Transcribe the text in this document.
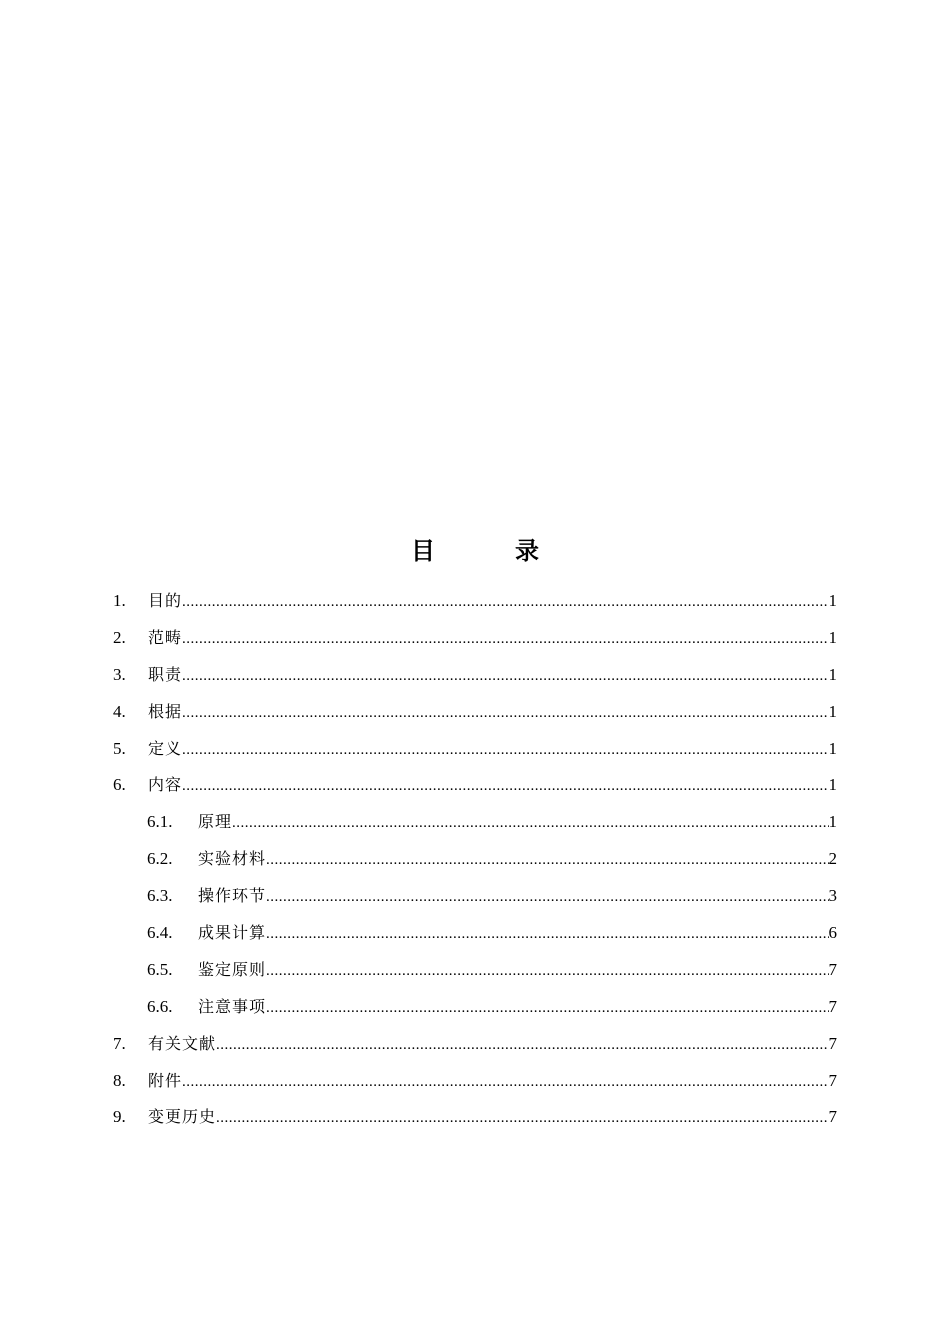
目　录
1.	目的 .....	1
2.	范畴 .....	1
3.	职责 .....	1
4.	根据 .....	1
5.	定义 .....	1
6.	内容 .....	1
6.1.	原理 .....	1
6.2.	实验材料 .....	2
6.3.	操作环节 .....	3
6.4.	成果计算 .....	6
6.5.	鉴定原则 .....	7
6.6.	注意事项 .....	7
7.	有关文献 .....	7
8.	附件 .....	7
9.	变更历史 .....	7
